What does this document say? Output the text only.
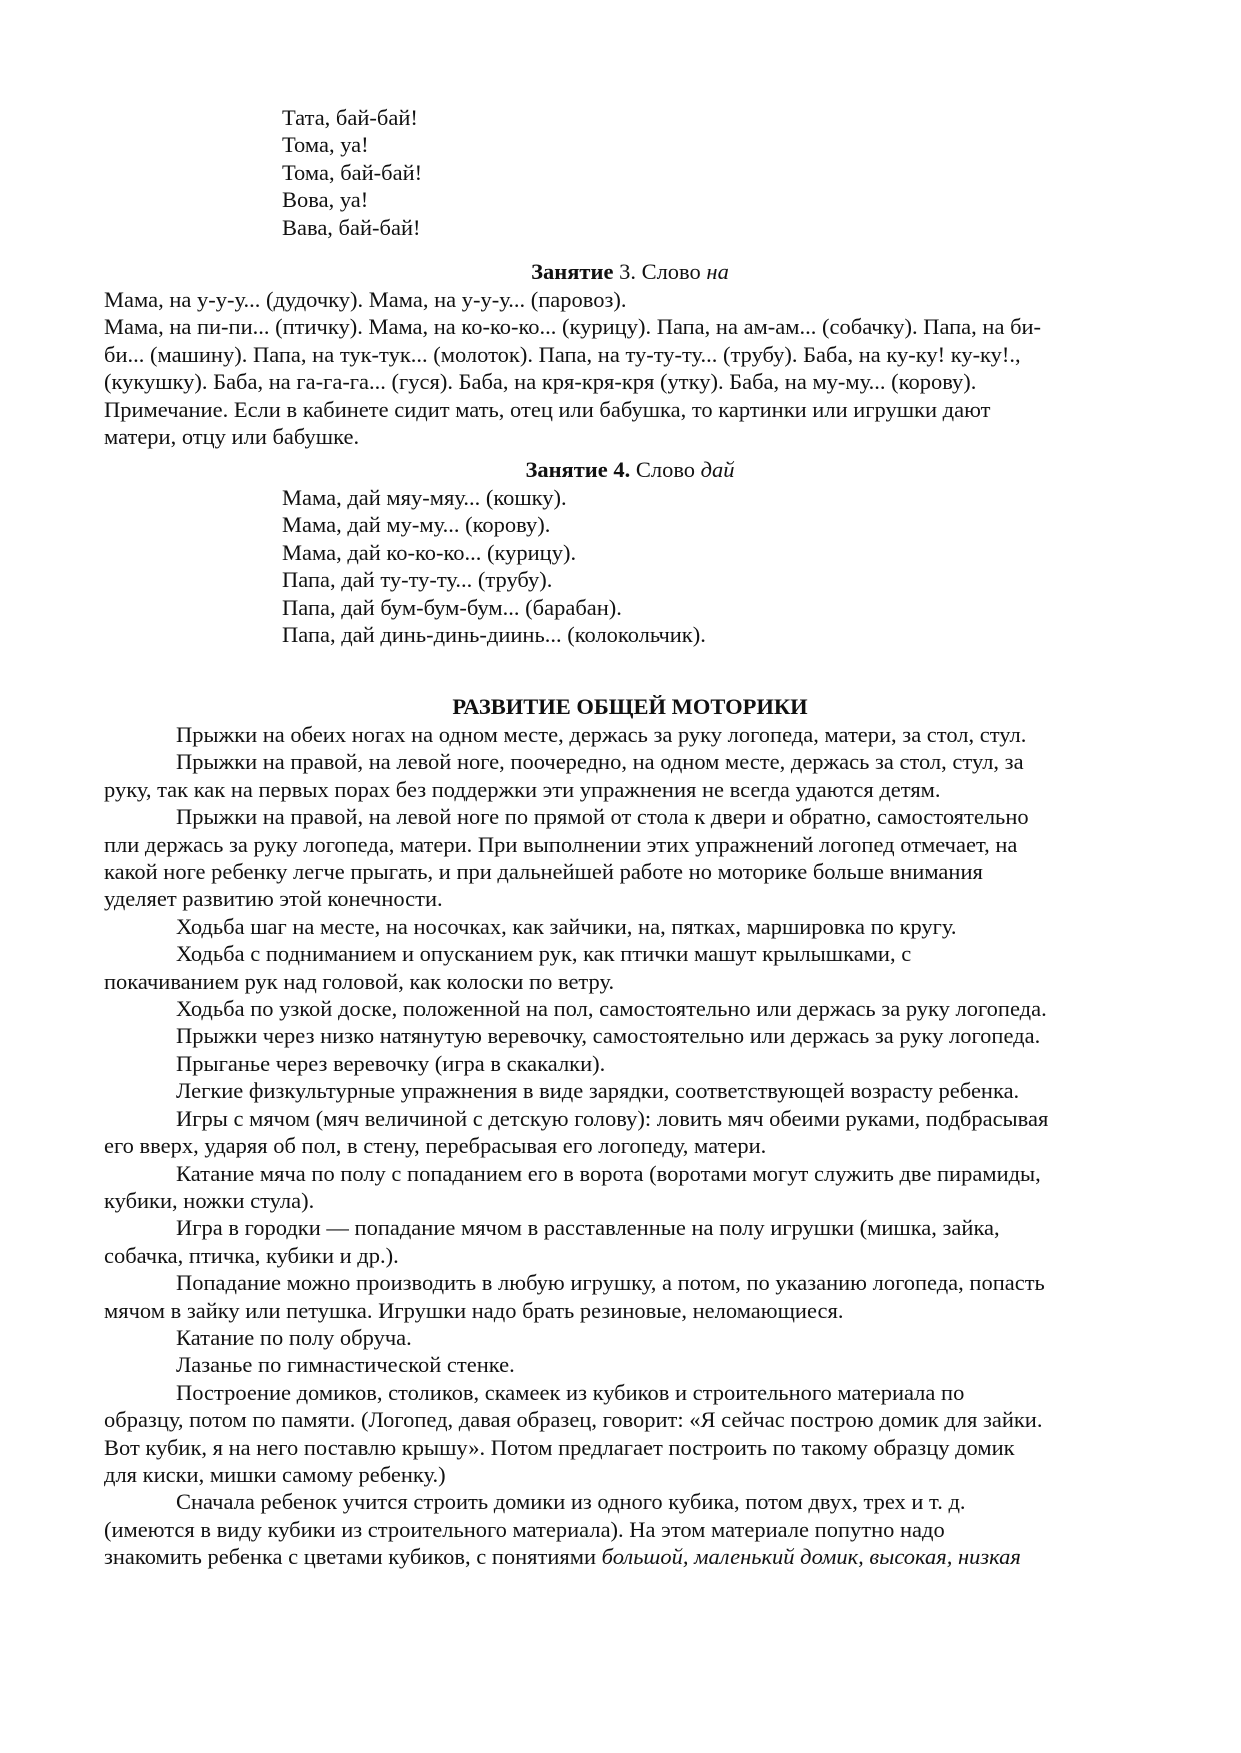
Тата, бай-бай!
Тома, уа!
Тома, бай-бай!
Вова, уа!
Вава, бай-бай!
Занятие 3. Слово на
Мама, на у-у-у... (дудочку). Мама, на у-у-у... (паровоз).
Мама, на пи-пи... (птичку). Мама, на ко-ко-ко... (курицу). Папа, на ам-ам... (собачку). Папа, на би-
би... (машину). Папа, на тук-тук... (молоток). Папа, на ту-ту-ту... (трубу). Баба, на ку-ку! ку-ку!.,
(кукушку). Баба, на га-га-га... (гуся). Баба, на кря-кря-кря (утку). Баба, на му-му... (корову).
Примечание. Если в кабинете сидит мать, отец или бабушка, то картинки или игрушки дают
матери, отцу или бабушке.
Занятие 4. Слово дай
Мама, дай мяу-мяу... (кошку).
Мама, дай му-му... (корову).
Мама, дай ко-ко-ко... (курицу).
Папа, дай ту-ту-ту... (трубу).
Папа, дай бум-бум-бум... (барабан).
Папа, дай динь-динь-диинь... (колокольчик).
РАЗВИТИЕ ОБЩЕЙ МОТОРИКИ
Прыжки на обеих ногах на одном месте, держась за руку логопеда, матери, за стол, стул.
Прыжки на правой, на левой ноге, поочередно, на одном месте, держась за стол, стул, за
руку, так как на первых порах без поддержки эти упражнения не всегда удаются детям.
Прыжки на правой, на левой ноге по прямой от стола к двери и обратно, самостоятельно
пли держась за руку логопеда, матери. При выполнении этих упражнений логопед отмечает, на
какой ноге ребенку легче прыгать, и при дальнейшей работе но моторике больше внимания
уделяет развитию этой конечности.
Ходьба шаг на месте, на носочках, как зайчики, на, пятках, маршировка по кругу.
Ходьба с подниманием и опусканием рук, как птички машут крылышками, с
покачиванием рук над головой, как колоски по ветру.
Ходьба по узкой доске, положенной на пол, самостоятельно или держась за руку логопеда.
Прыжки через низко натянутую веревочку, самостоятельно или держась за руку логопеда.
Прыганье через веревочку (игра в скакалки).
Легкие физкультурные упражнения в виде зарядки, соответствующей возрасту ребенка.
Игры с мячом (мяч величиной с детскую голову): ловить мяч обеими руками, подбрасывая
его вверх, ударяя об пол, в стену, перебрасывая его логопеду, матери.
Катание мяча по полу с попаданием его в ворота (воротами могут служить две пирамиды,
кубики, ножки стула).
Игра в городки — попадание мячом в расставленные на полу игрушки (мишка, зайка,
собачка, птичка, кубики и др.).
Попадание можно производить в любую игрушку, а потом, по указанию логопеда, попасть
мячом в зайку или петушка. Игрушки надо брать резиновые, неломающиеся.
Катание по полу обруча.
Лазанье по гимнастической стенке.
Построение домиков, столиков, скамеек из кубиков и строительного материала по
образцу, потом по памяти. (Логопед, давая образец, говорит: «Я сейчас построю домик для зайки.
Вот кубик, я на него поставлю крышу». Потом предлагает построить по такому образцу домик
для киски, мишки самому ребенку.)
Сначала ребенок учится строить домики из одного кубика, потом двух, трех и т. д.
(имеются в виду кубики из строительного материала). На этом материале попутно надо
знакомить ребенка с цветами кубиков, с понятиями большой, маленький домик, высокая, низкая
